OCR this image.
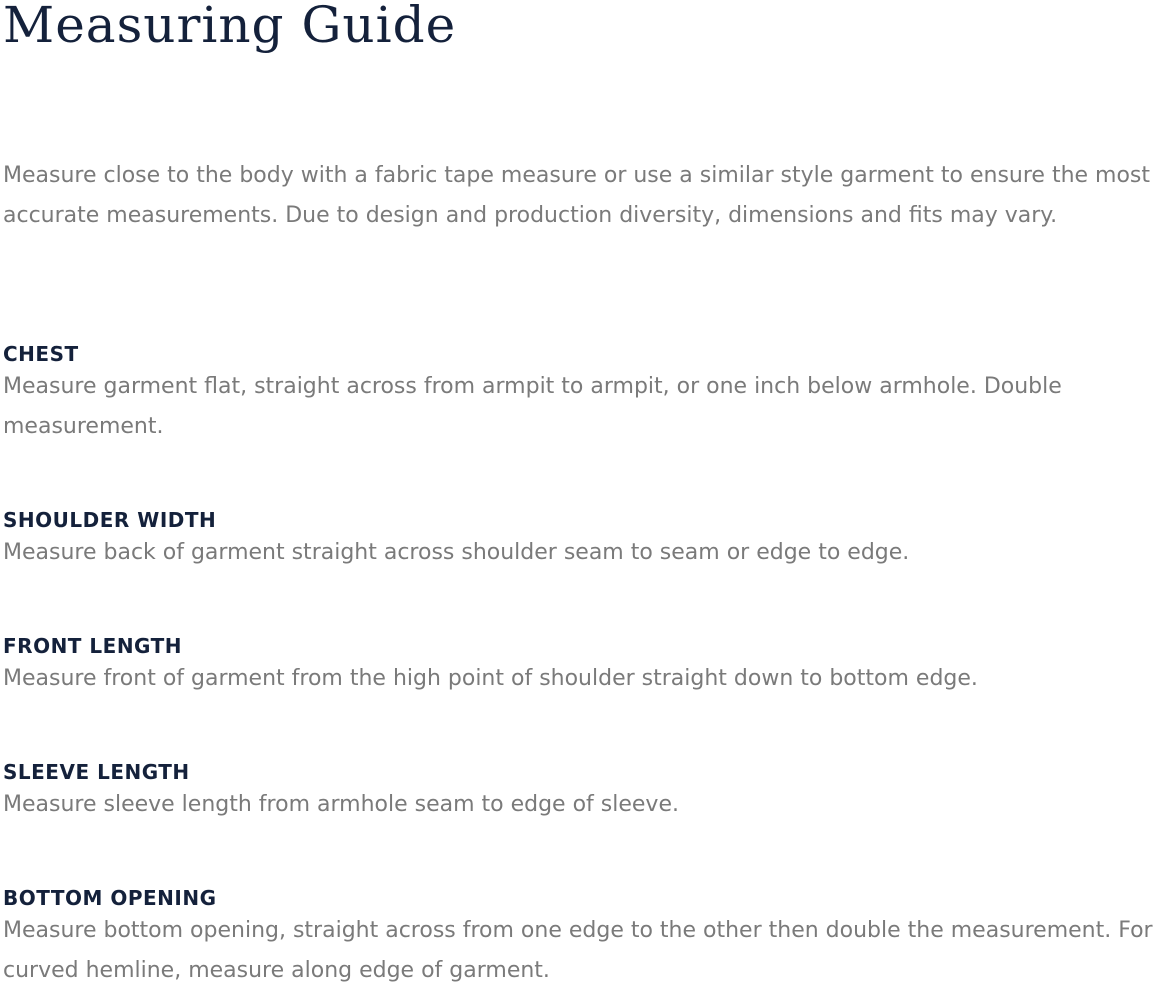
Measuring Guide

Measure close to the body with a fabric tape measure or use a similar style garment to ensure the most accurate measurements. Due to design and production diversity, dimensions and fits may vary.

CHEST

Measure garment flat, straight across from armpit to armpit, or one inch below armhole. Double measurement.

SHOULDER WIDTH

Measure back of garment straight across shoulder seam to seam or edge to edge.

FRONT LENGTH

Measure front of garment from the high point of shoulder straight down to bottom edge.

SLEEVE LENGTH

Measure sleeve length from armhole seam to edge of sleeve.

BOTTOM OPENING

Measure bottom opening, straight across from one edge to the other then double the measurement. For curved hemline, measure along edge of garment.
